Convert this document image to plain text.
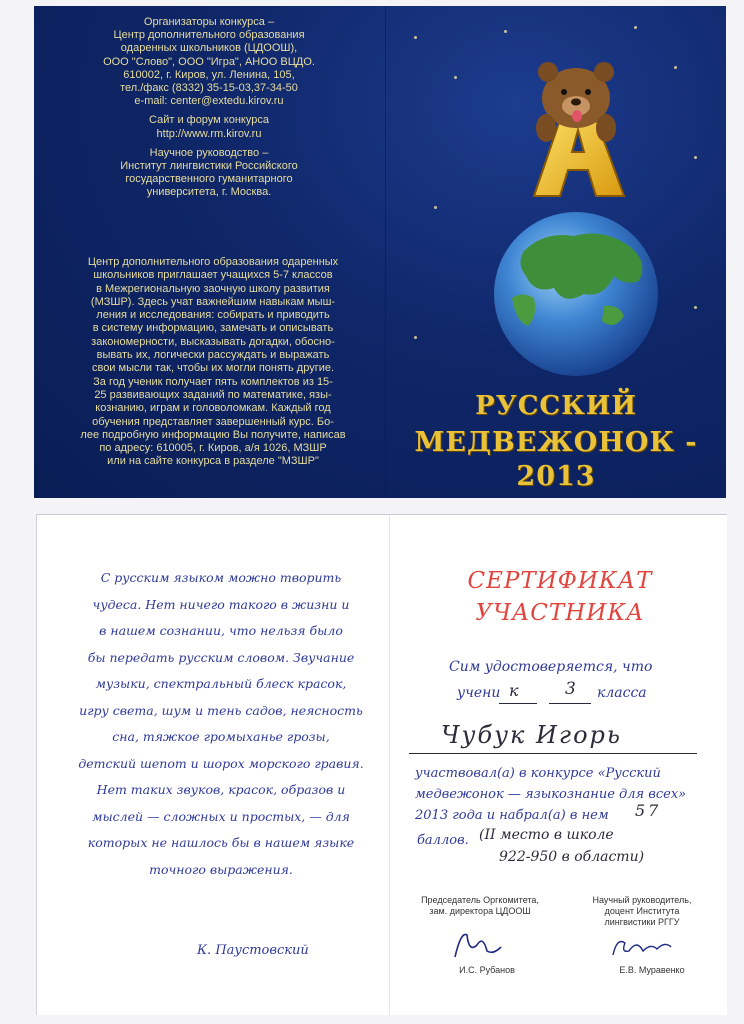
Организаторы конкурса –
Центр дополнительного образования
одаренных школьников (ЦДООШ),
ООО "Слово", ООО "Игра", АНОО ВЦДО.
610002, г. Киров, ул. Ленина, 105,
тел./факс (8332) 35-15-03,37-34-50
e-mail: center@extedu.kirov.ru
Сайт и форум конкурса
http://www.rm.kirov.ru
Научное руководство –
Институт лингвистики Российского
государственного гуманитарного
университета, г. Москва.
Центр дополнительного образования одаренных
школьников приглашает учащихся 5-7 классов
в Межрегиональную заочную школу развития
(МЗШР). Здесь учат важнейшим навыкам мыш-
ления и исследования: собирать и приводить
в систему информацию, замечать и описывать
закономерности, высказывать догадки, обосно-
вывать их, логически рассуждать и выражать
свои мысли так, чтобы их могли понять другие.
За год ученик получает пять комплектов из 15-
25 развивающих заданий по математике, язы-
кознанию, играм и головоломкам. Каждый год
обучения представляет завершенный курс. Бо-
лее подробную информацию Вы получите, написав
по адресу: 610005, г. Киров, а/я 1026, МЗШР
или на сайте конкурса в разделе "МЗШР"
РУССКИЙ
МЕДВЕЖОНОК - 2013
С русским языком можно творить
чудеса. Нет ничего такого в жизни и
в нашем сознании, что нельзя было
бы передать русским словом. Звучание
музыки, спектральный блеск красок,
игру света, шум и тень садов, неясность
сна, тяжкое громыханье грозы,
детский шепот и шорох морского гравия.
Нет таких звуков, красок, образов и
мыслей — сложных и простых, — для
которых не нашлось бы в нашем языке
точного выражения.
К. Паустовский
СЕРТИФИКАТ
УЧАСТНИКА
Сим удостоверяется, что
учени к	3 класса
Чубук Игорь
участвовал(а) в конкурсе «Русский
медвежонок — языкознание для всех»
2013 года и набрал(а) в нем	57
баллов. (II место в школе
922-950 в области)
Председатель Оргкомитета,
зам. директора ЦДООШ
И.С. Рубанов
Научный руководитель,
доцент Института
лингвистики РГГУ
Е.В. Муравенко
